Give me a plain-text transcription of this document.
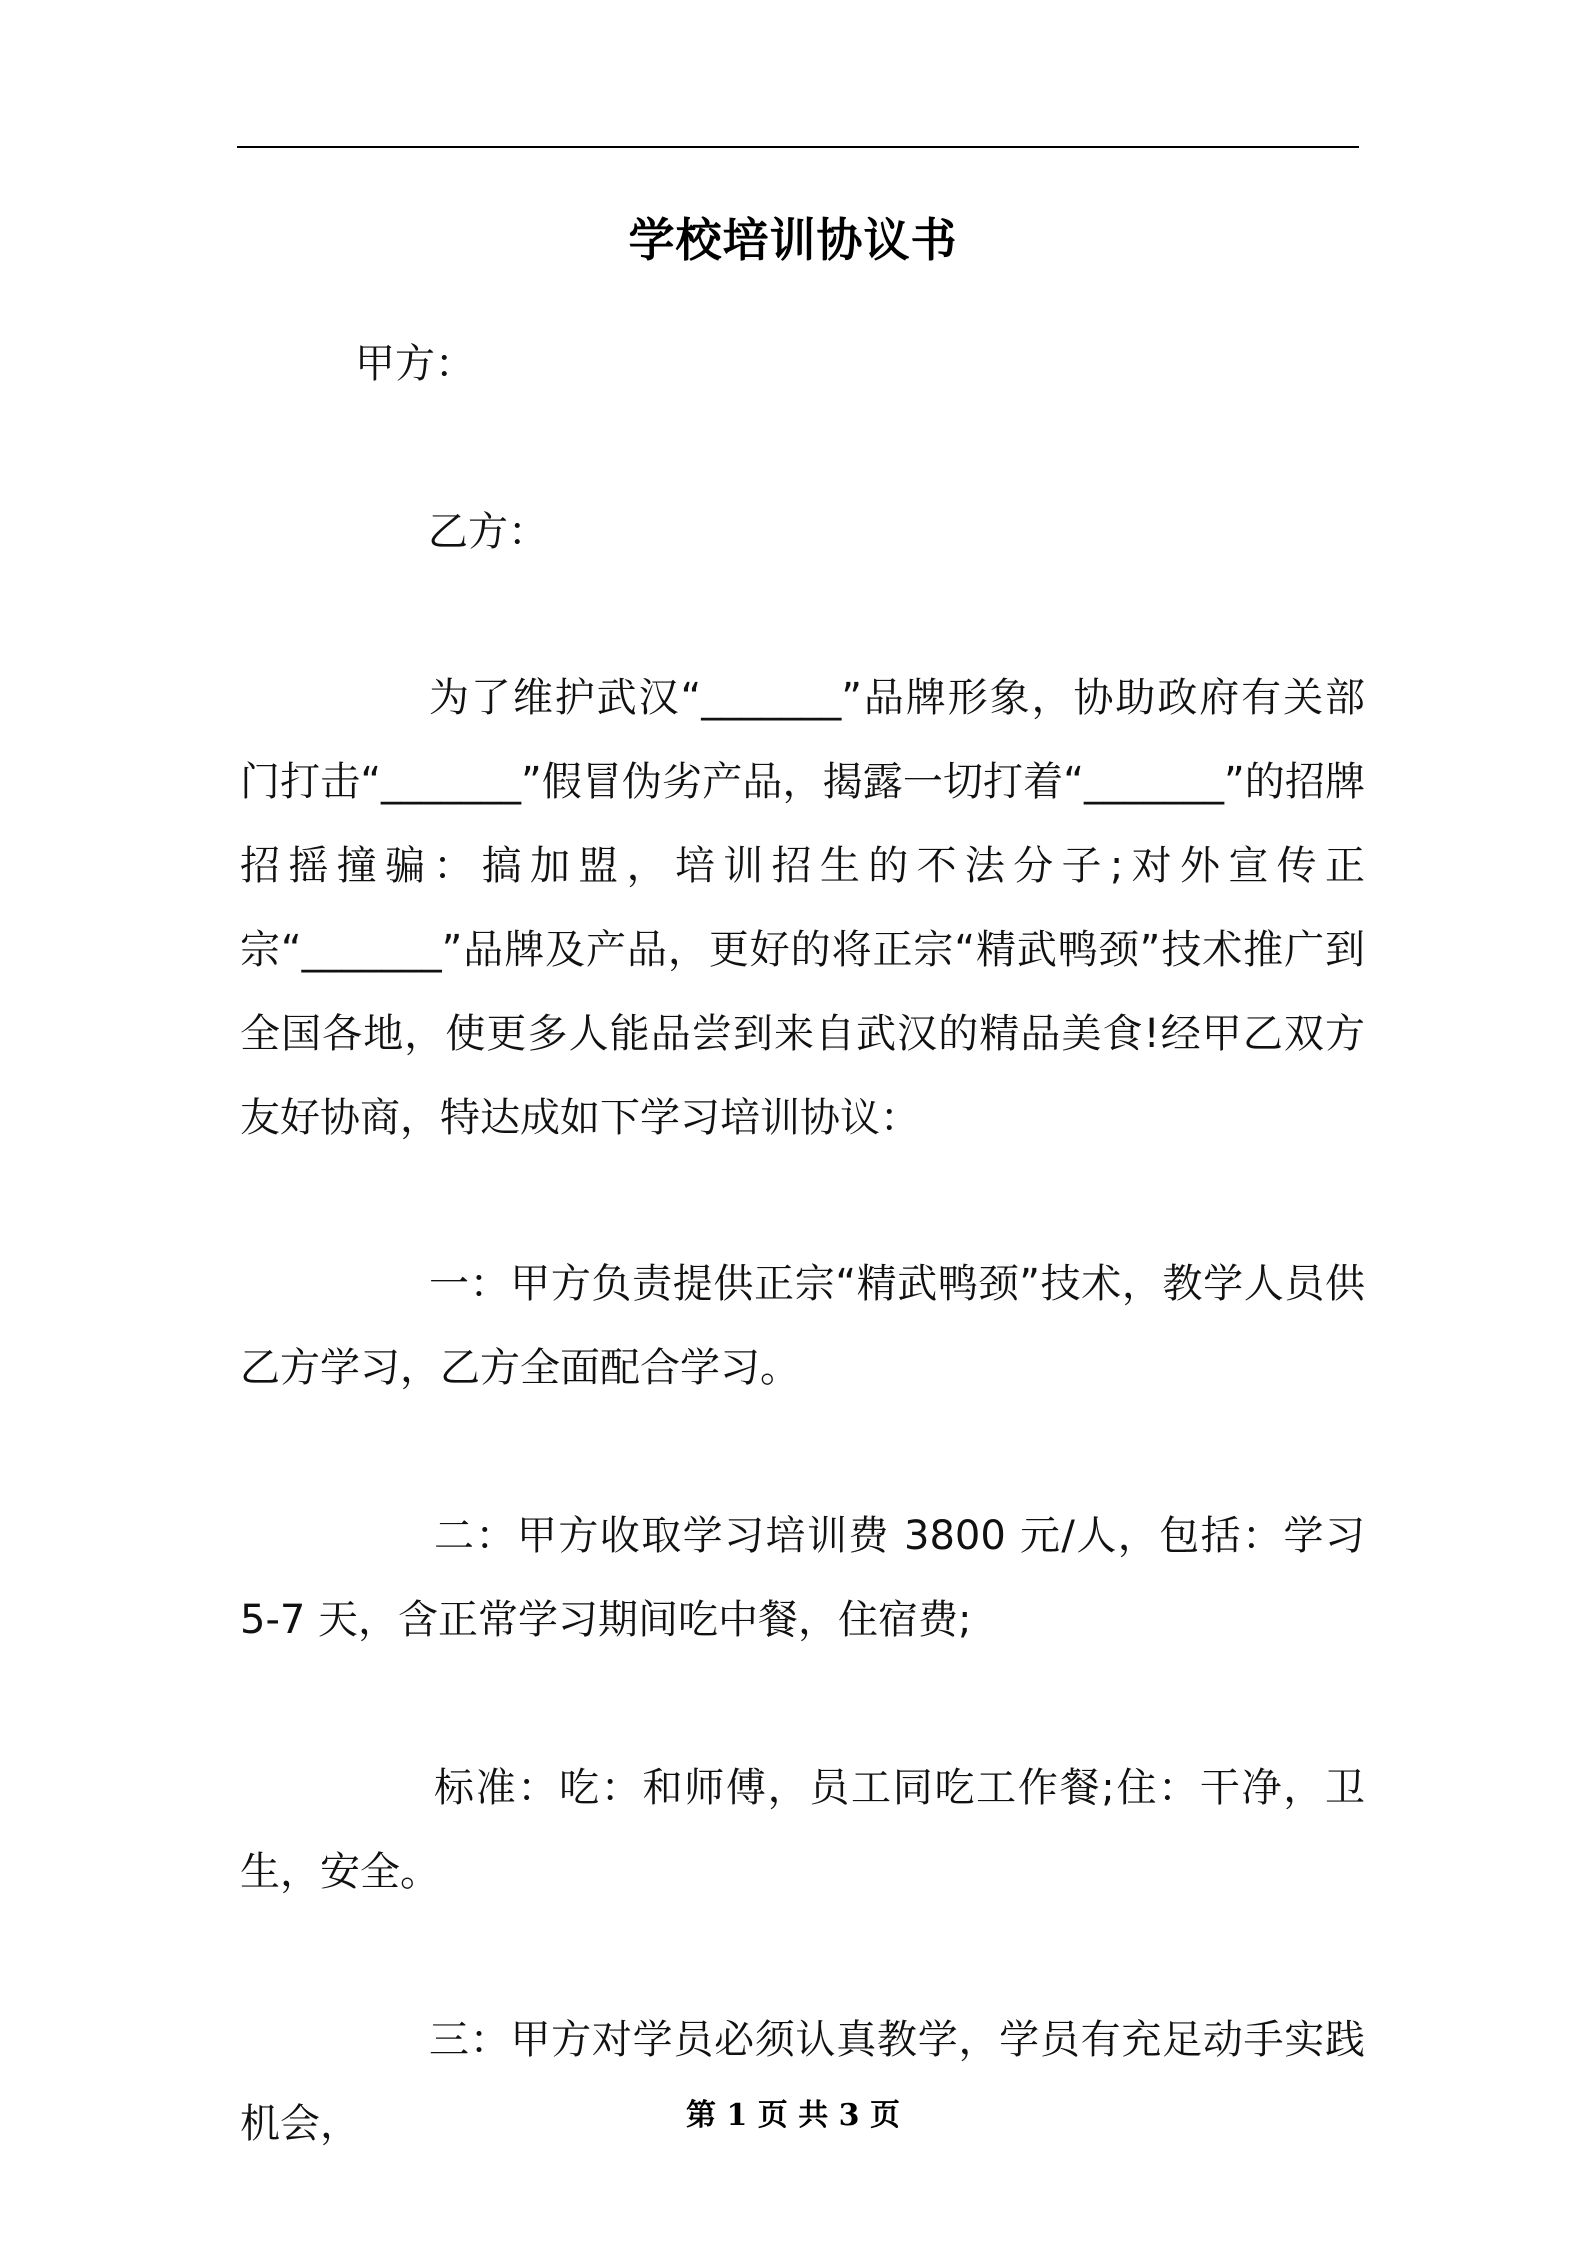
学校培训协议书

甲方：

乙方：

为了维护武汉“_______”品牌形象，协助政府有关部门打击“_______”假冒伪劣产品，揭露一切打着“_______”的招牌招摇撞骗：搞加盟，培训招生的不法分子;对外宣传正宗“_______”品牌及产品，更好的将正宗“精武鸭颈”技术推广到全国各地，使更多人能品尝到来自武汉的精品美食!经甲乙双方友好协商，特达成如下学习培训协议：

一：甲方负责提供正宗“精武鸭颈”技术，教学人员供乙方学习，乙方全面配合学习。

二：甲方收取学习培训费 3800 元/人，包括：学习 5-7 天，含正常学习期间吃中餐，住宿费;

标准：吃：和师傅，员工同吃工作餐;住：干净，卫生，安全。

三：甲方对学员必须认真教学，学员有充足动手实践机会，	第 1 页 共 3 页
